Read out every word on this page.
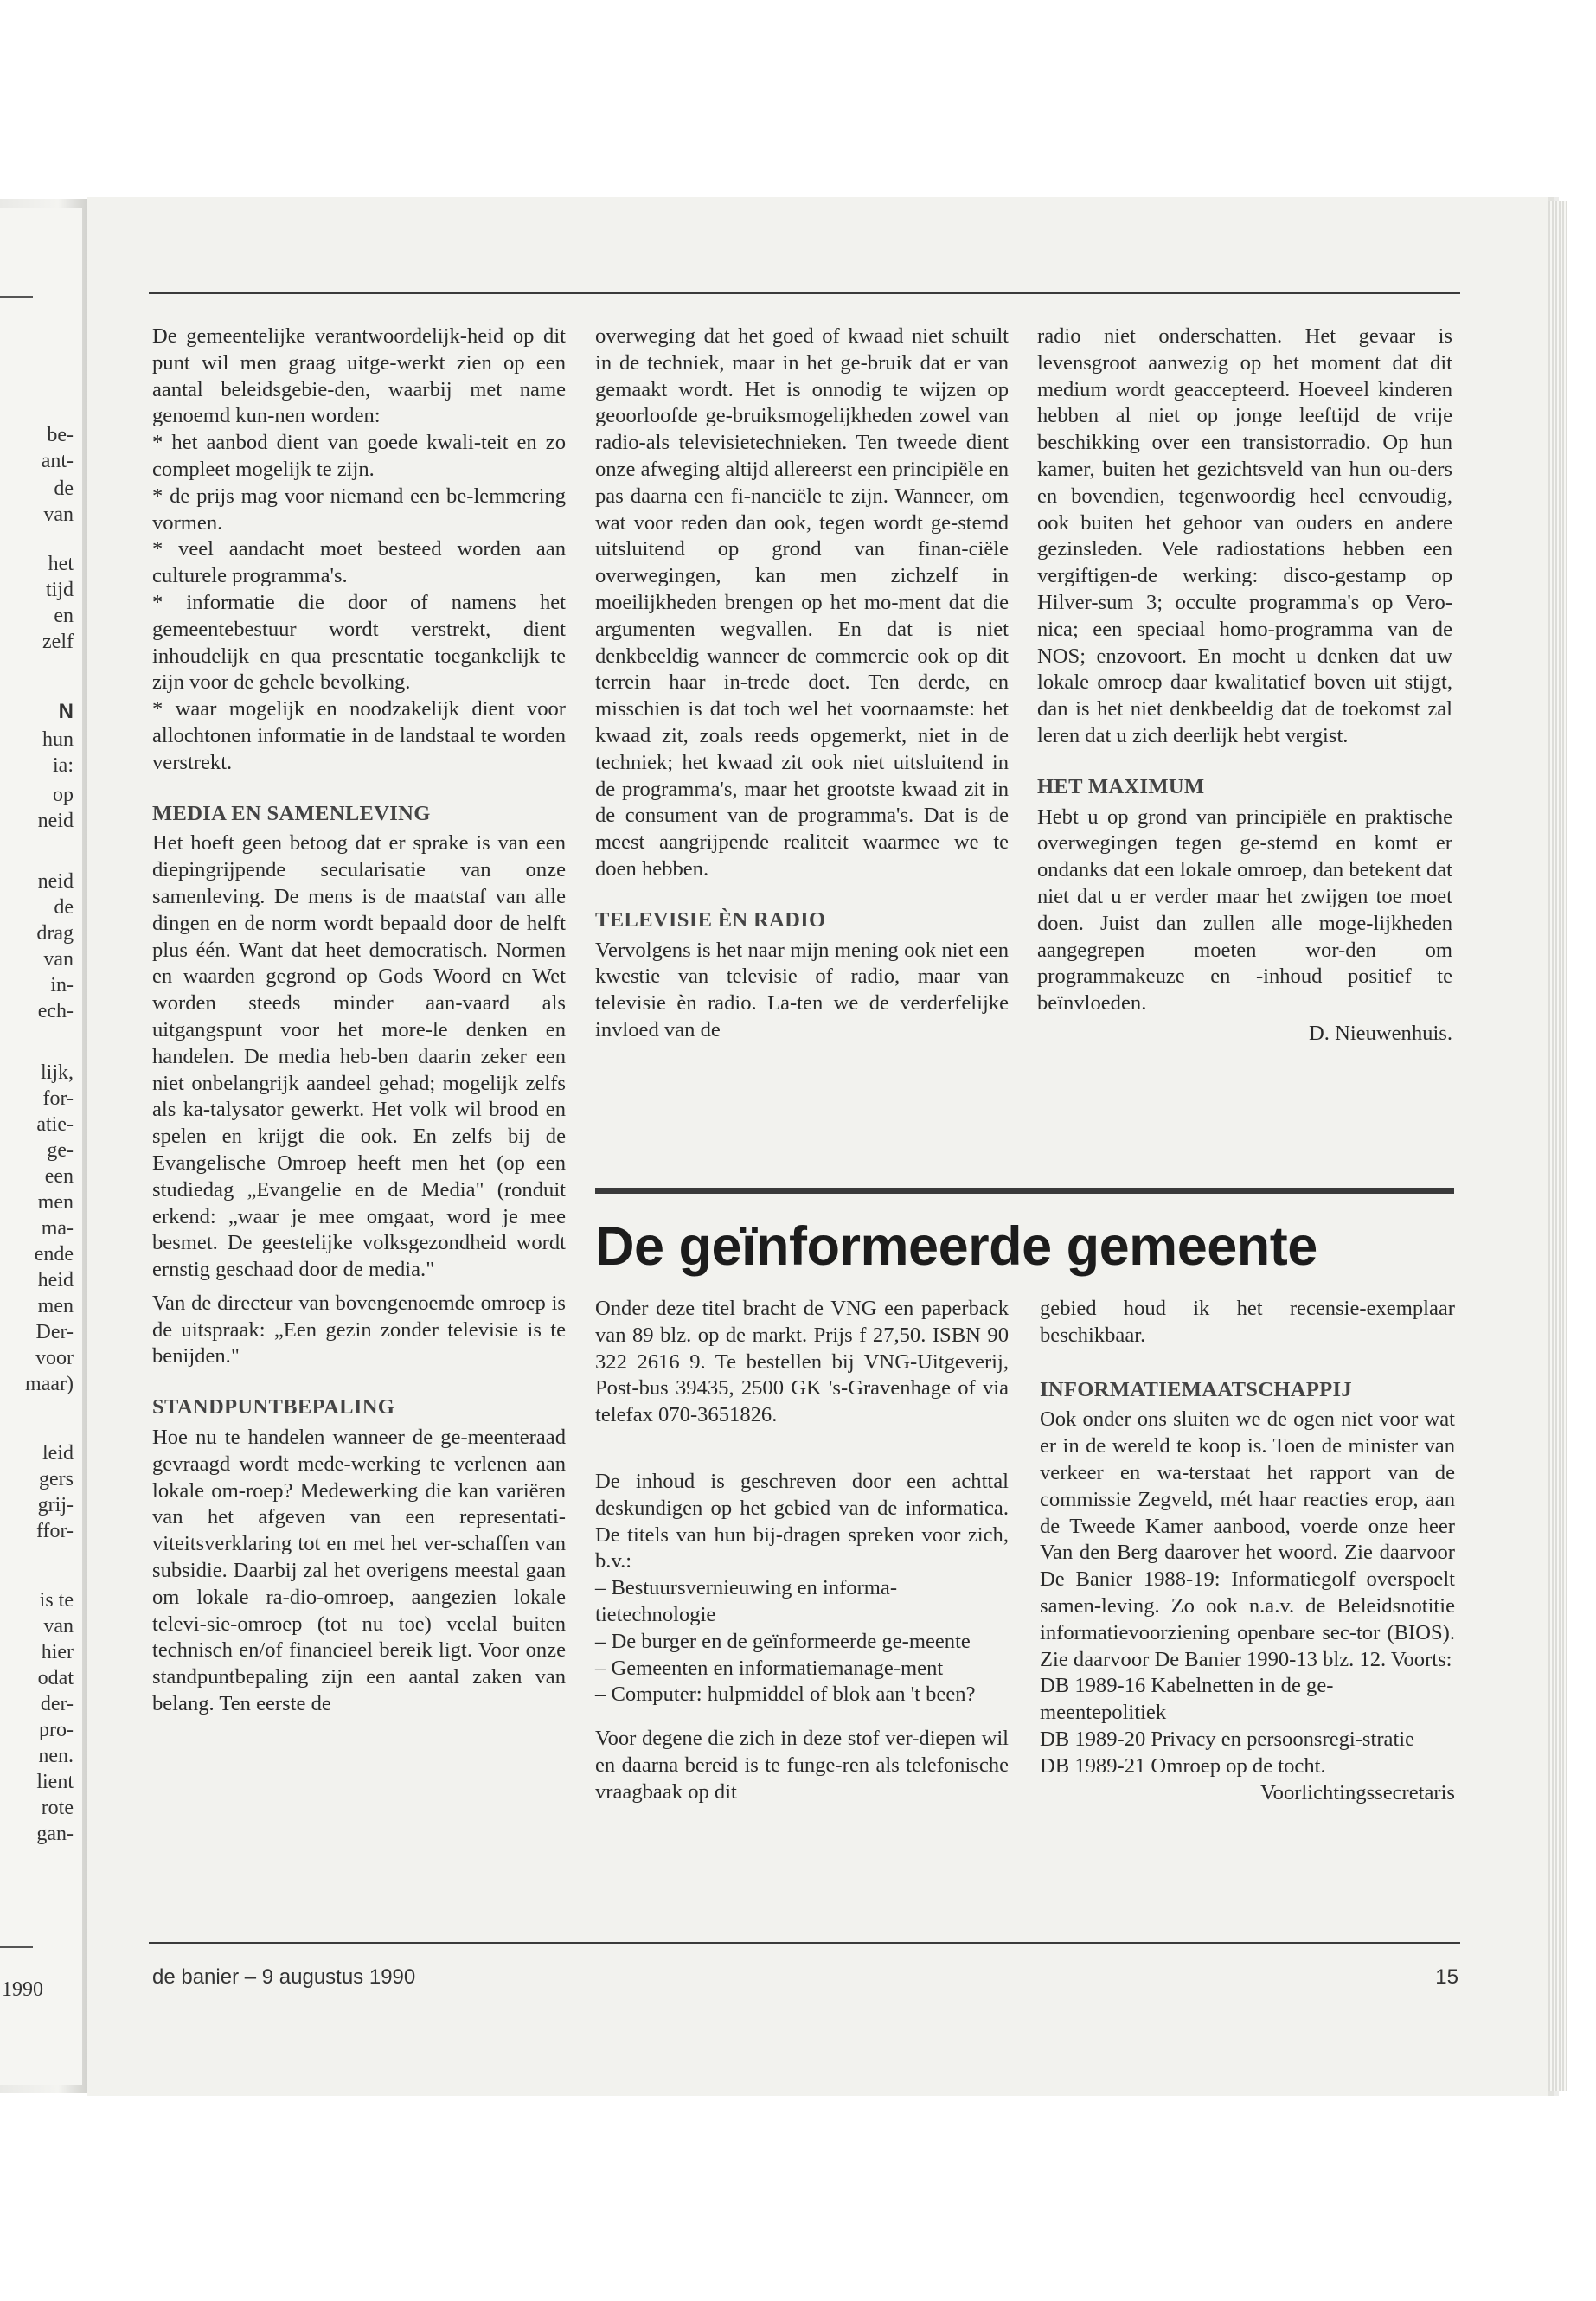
be-
ant-
de
van
het
tijd
en
zelf
N
hun
ia:
op
neid
neid
de
drag
van
in-
ech-
lijk,
for-
atie-
ge-
een
men
ma-
ende
heid
men
Der-
voor
maar)
leid
gers
grij-
ffor-
is te
van
hier
odat
der-
pro-
nen.
lient
rote
gan-
1990

De gemeentelijke verantwoordelijk-heid op dit punt wil men graag uitge-werkt zien op een aantal beleidsgebie-den, waarbij met name genoemd kun-nen worden:

* het aanbod dient van goede kwali-teit en zo compleet mogelijk te zijn.

* de prijs mag voor niemand een be-lemmering vormen.

* veel aandacht moet besteed worden aan culturele programma's.

* informatie die door of namens het gemeentebestuur wordt verstrekt, dient inhoudelijk en qua presentatie toegankelijk te zijn voor de gehele bevolking.

* waar mogelijk en noodzakelijk dient voor allochtonen informatie in de landstaal te worden verstrekt.

MEDIA EN SAMENLEVING

Het hoeft geen betoog dat er sprake is van een diepingrijpende secularisatie van onze samenleving. De mens is de maatstaf van alle dingen en de norm wordt bepaald door de helft plus één. Want dat heet democratisch. Normen en waarden gegrond op Gods Woord en Wet worden steeds minder aan-vaard als uitgangspunt voor het more-le denken en handelen. De media heb-ben daarin zeker een niet onbelangrijk aandeel gehad; mogelijk zelfs als ka-talysator gewerkt. Het volk wil brood en spelen en krijgt die ook. En zelfs bij de Evangelische Omroep heeft men het (op een studiedag „Evangelie en de Media" (ronduit erkend: „waar je mee omgaat, word je mee besmet. De geestelijke volksgezondheid wordt ernstig geschaad door de media."

Van de directeur van bovengenoemde omroep is de uitspraak: „Een gezin zonder televisie is te benijden."

STANDPUNTBEPALING

Hoe nu te handelen wanneer de ge-meenteraad gevraagd wordt mede-werking te verlenen aan lokale om-roep? Medewerking die kan variëren van het afgeven van een representati-viteitsverklaring tot en met het ver-schaffen van subsidie. Daarbij zal het overigens meestal gaan om lokale ra-dio-omroep, aangezien lokale televi-sie-omroep (tot nu toe) veelal buiten technisch en/of financieel bereik ligt. Voor onze standpuntbepaling zijn een aantal zaken van belang. Ten eerste de

overweging dat het goed of kwaad niet schuilt in de techniek, maar in het ge-bruik dat er van gemaakt wordt. Het is onnodig te wijzen op geoorloofde ge-bruiksmogelijkheden zowel van radio-als televisietechnieken. Ten tweede dient onze afweging altijd allereerst een principiële en pas daarna een fi-nanciële te zijn. Wanneer, om wat voor reden dan ook, tegen wordt ge-stemd uitsluitend op grond van finan-ciële overwegingen, kan men zichzelf in moeilijkheden brengen op het mo-ment dat die argumenten wegvallen. En dat is niet denkbeeldig wanneer de commercie ook op dit terrein haar in-trede doet. Ten derde, en misschien is dat toch wel het voornaamste: het kwaad zit, zoals reeds opgemerkt, niet in de techniek; het kwaad zit ook niet uitsluitend in de programma's, maar het grootste kwaad zit in de consument van de programma's. Dat is de meest aangrijpende realiteit waarmee we te doen hebben.

TELEVISIE ÈN RADIO

Vervolgens is het naar mijn mening ook niet een kwestie van televisie of radio, maar van televisie èn radio. La-ten we de verderfelijke invloed van de

radio niet onderschatten. Het gevaar is levensgroot aanwezig op het moment dat dit medium wordt geaccepteerd. Hoeveel kinderen hebben al niet op jonge leeftijd de vrije beschikking over een transistorradio. Op hun kamer, buiten het gezichtsveld van hun ou-ders en bovendien, tegenwoordig heel eenvoudig, ook buiten het gehoor van ouders en andere gezinsleden. Vele radiostations hebben een vergiftigen-de werking: disco-gestamp op Hilver-sum 3; occulte programma's op Vero-nica; een speciaal homo-programma van de NOS; enzovoort. En mocht u denken dat uw lokale omroep daar kwalitatief boven uit stijgt, dan is het niet denkbeeldig dat de toekomst zal leren dat u zich deerlijk hebt vergist.

HET MAXIMUM

Hebt u op grond van principiële en praktische overwegingen tegen ge-stemd en komt er ondanks dat een lokale omroep, dan betekent dat niet dat u er verder maar het zwijgen toe moet doen. Juist dan zullen alle moge-lijkheden aangegrepen moeten wor-den om programmakeuze en -inhoud positief te beïnvloeden.

D. Nieuwenhuis.

De geïnformeerde gemeente

Onder deze titel bracht de VNG een paperback van 89 blz. op de markt. Prijs f 27,50. ISBN 90 322 2616 9. Te bestellen bij VNG-Uitgeverij, Post-bus 39435, 2500 GK 's-Gravenhage of via telefax 070-3651826.

De inhoud is geschreven door een achttal deskundigen op het gebied van de informatica. De titels van hun bij-dragen spreken voor zich, b.v.:

– Bestuursvernieuwing en informa-tietechnologie

– De burger en de geïnformeerde ge-meente

– Gemeenten en informatiemanage-ment

– Computer: hulpmiddel of blok aan 't been?

Voor degene die zich in deze stof ver-diepen wil en daarna bereid is te funge-ren als telefonische vraagbaak op dit

gebied houd ik het recensie-exemplaar beschikbaar.

INFORMATIEMAATSCHAPPIJ

Ook onder ons sluiten we de ogen niet voor wat er in de wereld te koop is. Toen de minister van verkeer en wa-terstaat het rapport van de commissie Zegveld, mét haar reacties erop, aan de Tweede Kamer aanbood, voerde onze heer Van den Berg daarover het woord. Zie daarvoor De Banier 1988-19: Informatiegolf overspoelt samen-leving. Zo ook n.a.v. de Beleidsnotitie informatievoorziening openbare sec-tor (BIOS). Zie daarvoor De Banier 1990-13 blz. 12. Voorts:

DB 1989-16 Kabelnetten in de ge-meentepolitiek

DB 1989-20 Privacy en persoonsregi-stratie

DB 1989-21 Omroep op de tocht.

Voorlichtingssecretaris

de banier – 9 augustus 1990	15
